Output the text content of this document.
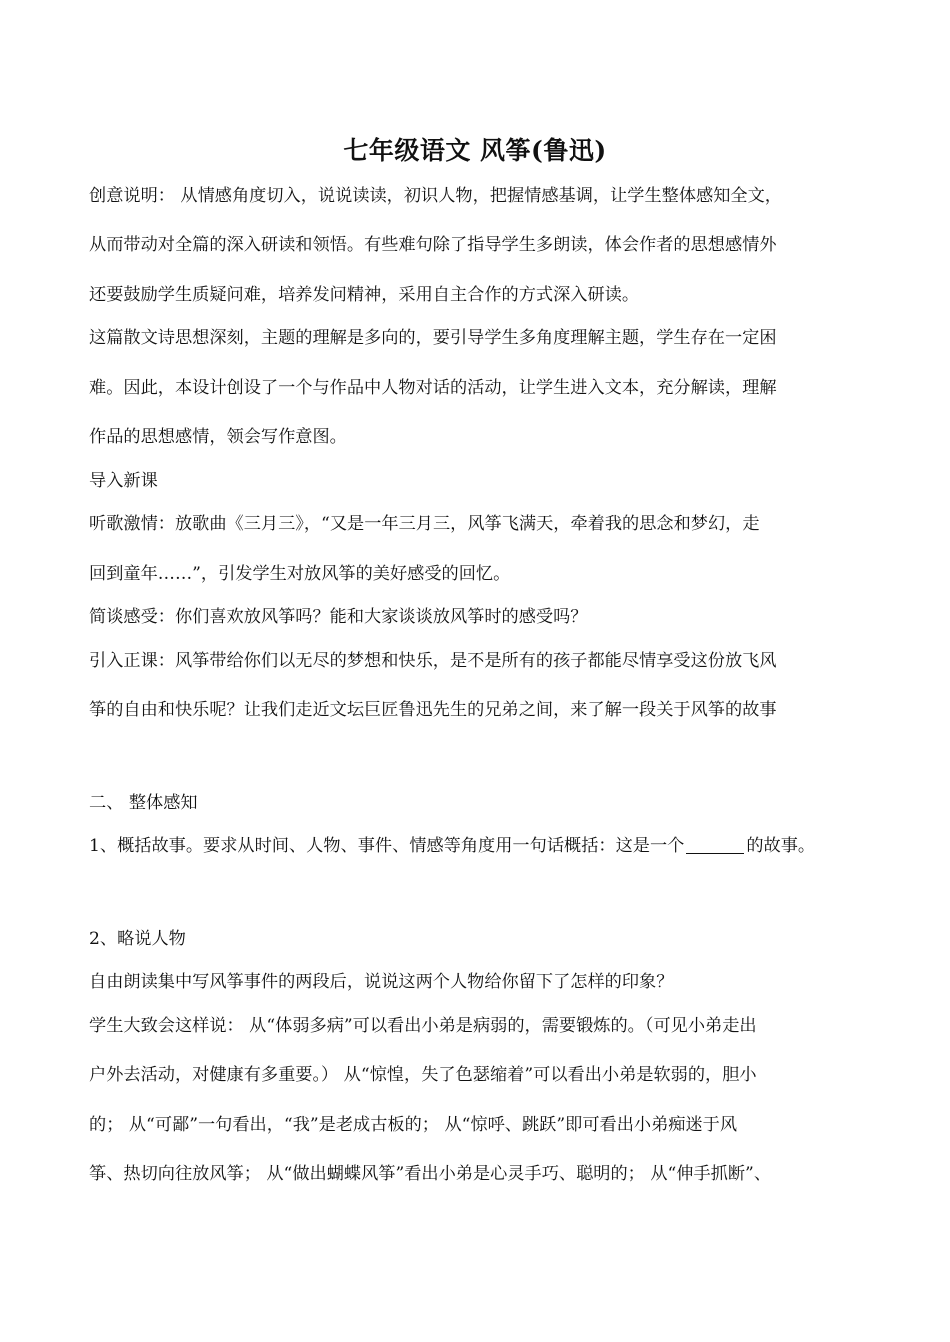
七年级语文 风筝(鲁迅)
创意说明： 从情感角度切入，说说读读，初识人物，把握情感基调，让学生整体感知全文，
从而带动对全篇的深入研读和领悟。有些难句除了指导学生多朗读，体会作者的思想感情外
还要鼓励学生质疑问难，培养发问精神，采用自主合作的方式深入研读。
这篇散文诗思想深刻，主题的理解是多向的，要引导学生多角度理解主题，学生存在一定困
难。因此，本设计创设了一个与作品中人物对话的活动，让学生进入文本，充分解读，理解
作品的思想感情，领会写作意图。
导入新课
听歌激情：放歌曲《三月三》，“又是一年三月三，风筝飞满天，牵着我的思念和梦幻，走
回到童年……”，引发学生对放风筝的美好感受的回忆。
简谈感受：你们喜欢放风筝吗？能和大家谈谈放风筝时的感受吗？
引入正课：风筝带给你们以无尽的梦想和快乐，是不是所有的孩子都能尽情享受这份放飞风
筝的自由和快乐呢？让我们走近文坛巨匠鲁迅先生的兄弟之间，来了解一段关于风筝的故事
二、 整体感知
1、概括故事。要求从时间、人物、事件、情感等角度用一句话概括：这是一个	的故事。
2、略说人物
自由朗读集中写风筝事件的两段后，说说这两个人物给你留下了怎样的印象？
学生大致会这样说： 从“体弱多病”可以看出小弟是病弱的，需要锻炼的。（可见小弟走出
户外去活动，对健康有多重要。） 从“惊惶，失了色瑟缩着”可以看出小弟是软弱的，胆小
的； 从“可鄙”一句看出，“我”是老成古板的； 从“惊呼、跳跃”即可看出小弟痴迷于风
筝、热切向往放风筝； 从“做出蝴蝶风筝”看出小弟是心灵手巧、聪明的； 从“伸手抓断”、
